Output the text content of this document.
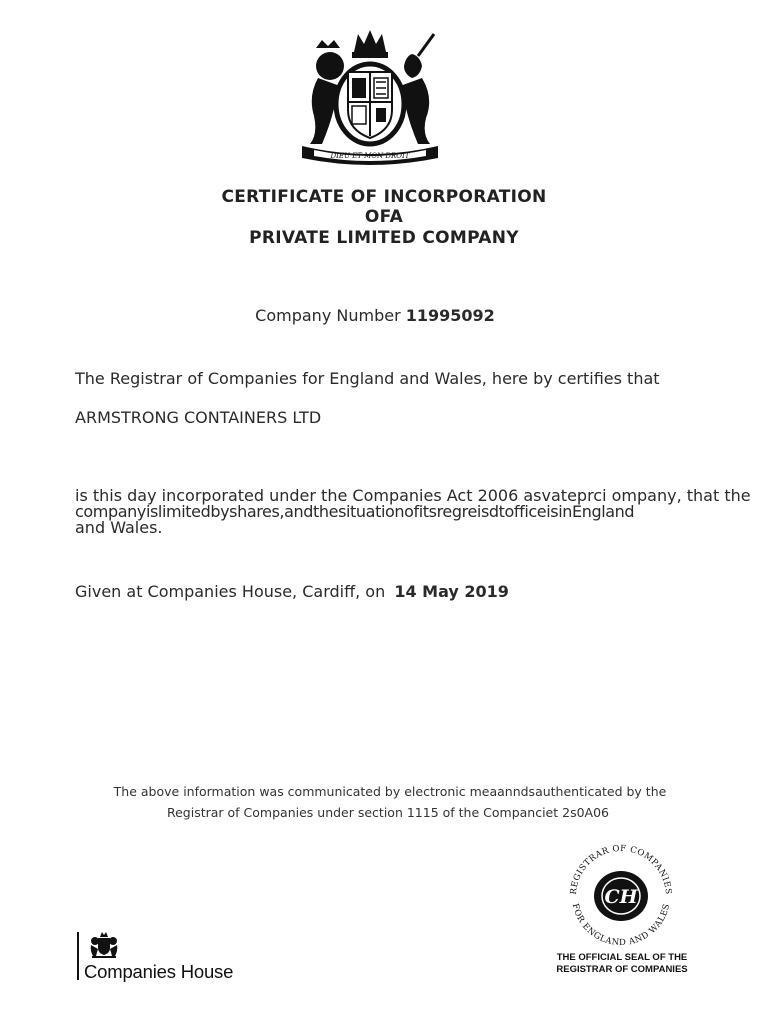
DIEU ET MON DROIT
CERTIFICATE OF INCORPORATION
OFA
PRIVATE LIMITED COMPANY
Company Number 11995092
The Registrar of Companies for England and Wales, here by certifies that
ARMSTRONG CONTAINERS LTD
is this day incorporated under the Companies Act 2006 asvateprci ompany, that the
companyislimitedbyshares,andthesituationofitsregreisdtofficeisinEngland
and Wales.
Given at Companies House, Cardiff, on 14 May 2019
The above information was communicated by electronic meaanndsauthenticated by the
Registrar of Companies under section 1115 of the Companciet 2s0A06
REGISTRAR OF COMPANIES
FOR ENGLAND AND WALES
CH
THE OFFICIAL SEAL OF THE
REGISTRAR OF COMPANIES
Companies House
